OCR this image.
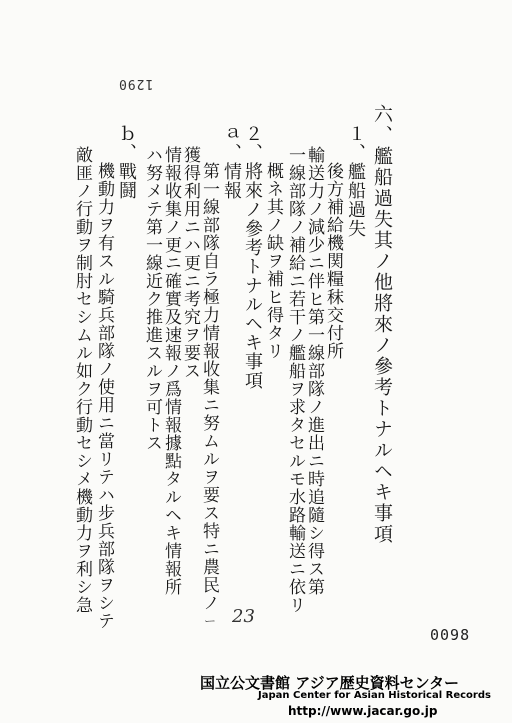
1290
六、艦船過失其ノ他將來ノ參考トナルヘキ事項
１、艦船過失
後方補給機関糧秣交付所
輸送力ノ減少ニ伴ヒ第一線部隊ノ進出ニ時追隨シ得ス第
一線部隊ノ補給ニ若干ノ艦船ヲ求タセルモ水路輸送ニ依リ
概ネ其ノ缺ヲ補ヒ得タリ
２、將來ノ參考トナルヘキ事項
ａ、情報
第一線部隊自ラ極力情報收集ニ努ムルヲ要ス特ニ農民ノ
獲得利用ニハ更ニ考究ヲ要ス
情報收集ノ更ニ確實及速報ノ爲情報據點タルヘキ情報所
ハ努メテ第一線近ク推進スルヲ可トス
ｂ、戰鬪
機動力ヲ有スル騎兵部隊ノ使用ニ當リテハ步兵部隊ヲシテ
敵匪ノ行動ヲ制肘セシムル如ク行動セシメ機動力ヲ利シ急
ー 23
0098
国立公文書館 アジア歴史資料センター
Japan Center for Asian Historical Records
http://www.jacar.go.jp
